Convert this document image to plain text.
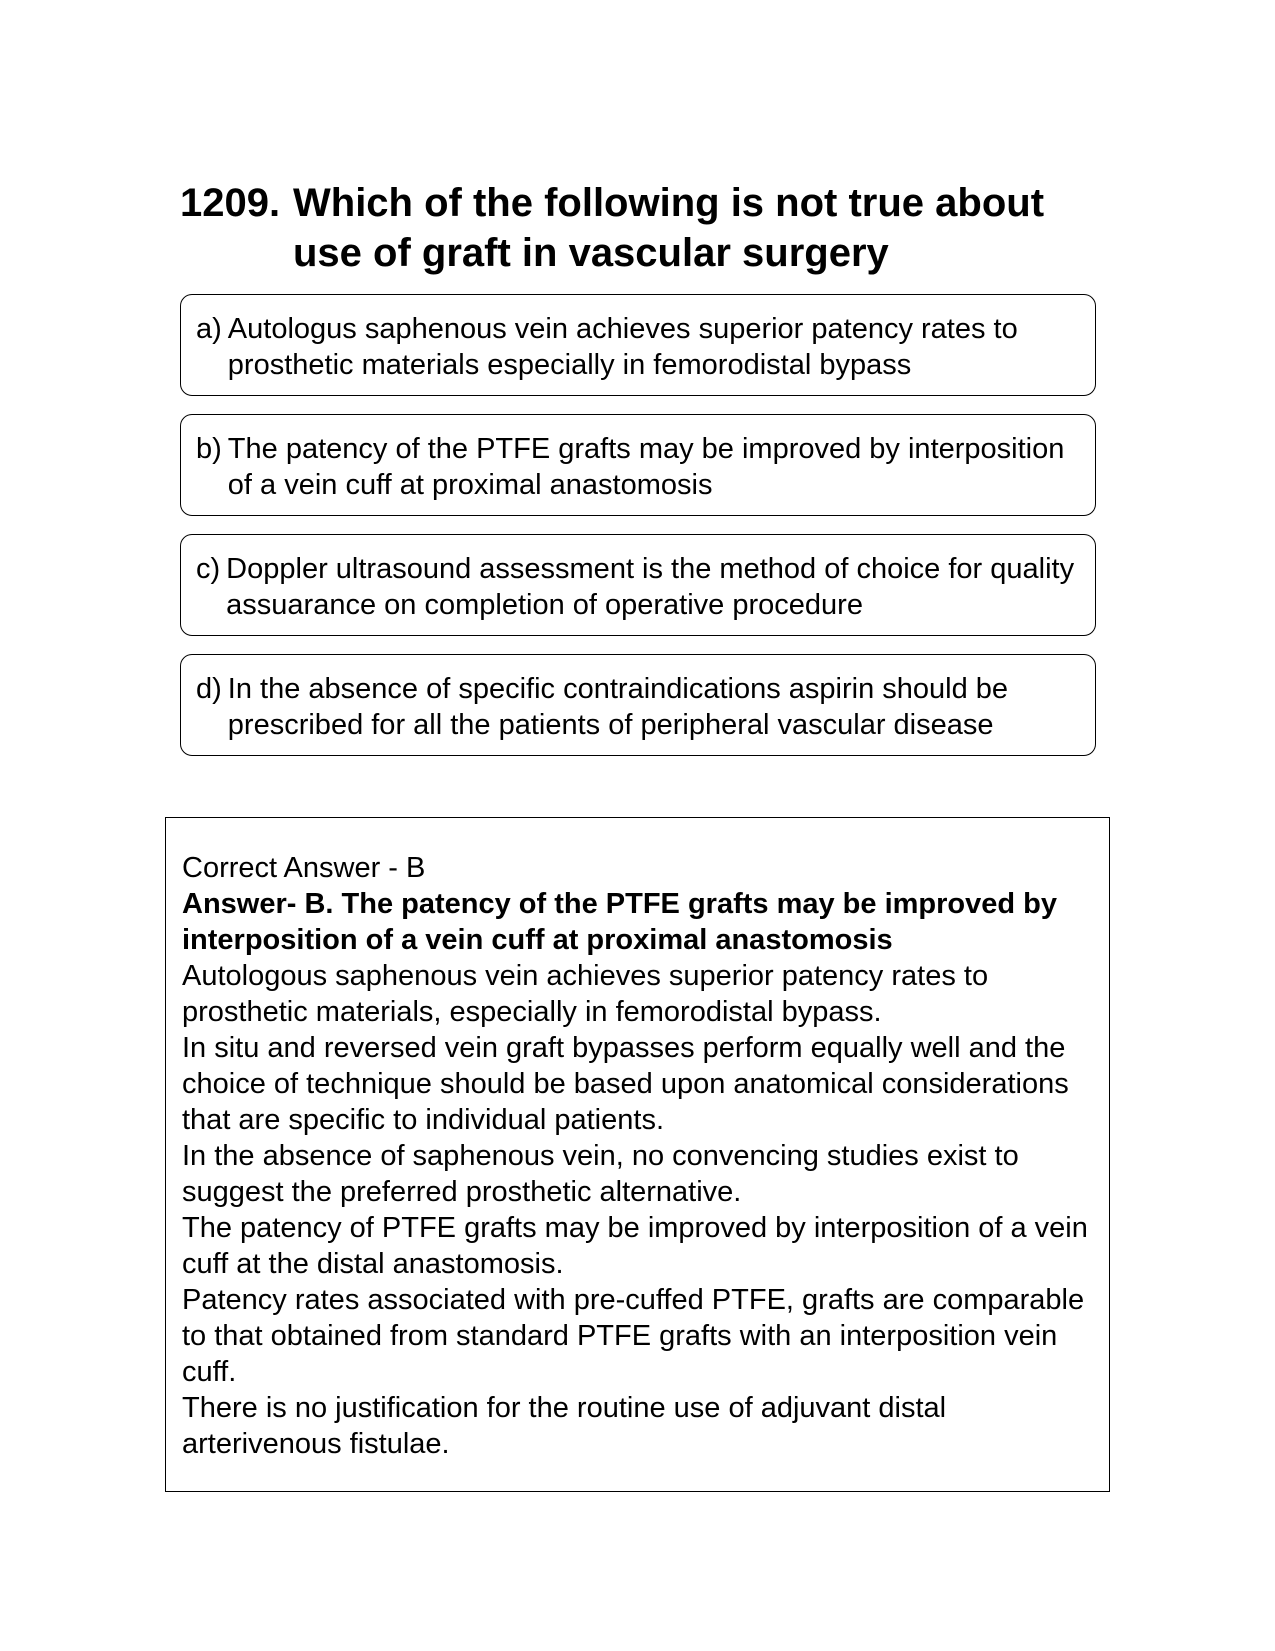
1209. Which of the following is not true about use of graft in vascular surgery
a) Autologus saphenous vein achieves superior patency rates to prosthetic materials especially in femorodistal bypass
b) The patency of the PTFE grafts may be improved by interposition of a vein cuff at proximal anastomosis
c) Doppler ultrasound assessment is the method of choice for quality assuarance on completion of operative procedure
d) In the absence of specific contraindications aspirin should be prescribed for all the patients of peripheral vascular disease

Correct Answer - B

Answer- B. The patency of the PTFE grafts may be improved by interposition of a vein cuff at proximal anastomosis

Autologous saphenous vein achieves superior patency rates to prosthetic materials, especially in femorodistal bypass.

In situ and reversed vein graft bypasses perform equally well and the choice of technique should be based upon anatomical considerations that are specific to individual patients.

In the absence of saphenous vein, no convencing studies exist to suggest the preferred prosthetic alternative.

The patency of PTFE grafts may be improved by interposition of a vein cuff at the distal anastomosis.

Patency rates associated with pre-cuffed PTFE, grafts are comparable to that obtained from standard PTFE grafts with an interposition vein cuff.

There is no justification for the routine use of adjuvant distal arterivenous fistulae.
